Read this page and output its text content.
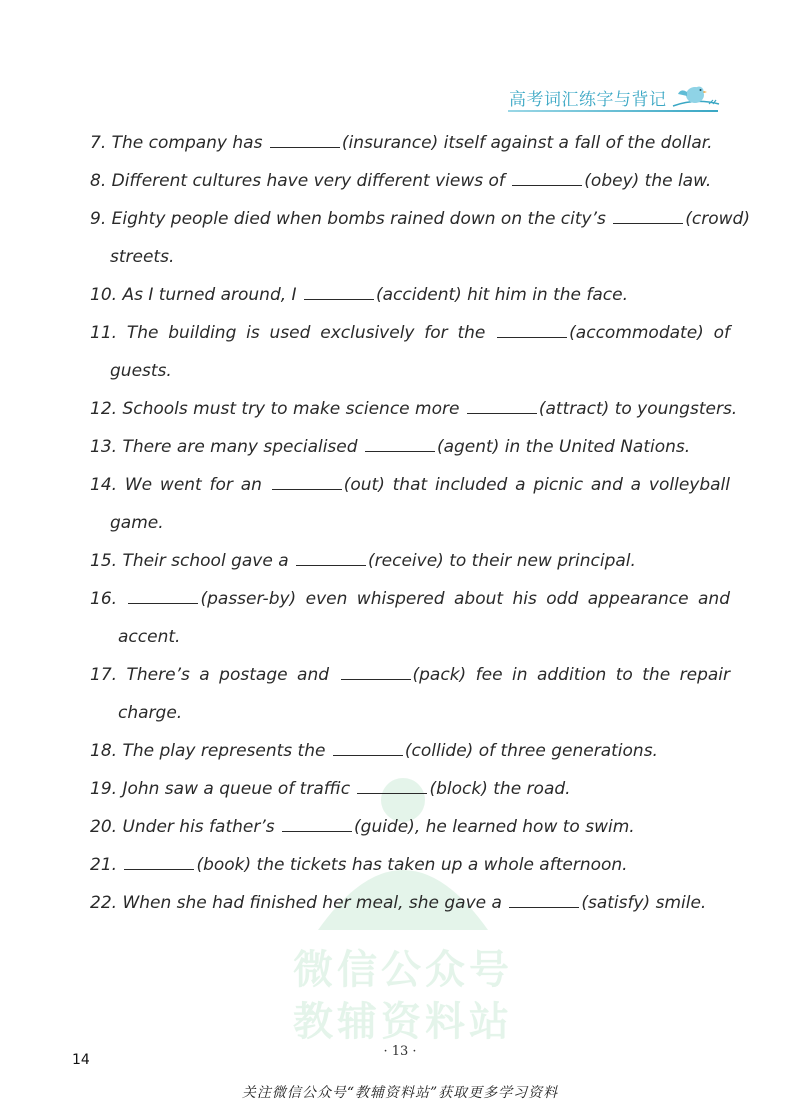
高考词汇练字与背记
微信公众号
教辅资料站
7. The company has	(insurance) itself against a fall of the dollar.
8. Different cultures have very different views of	(obey) the law.
9. Eighty people died when bombs rained down on the city’s	(crowd)
streets.
10. As I turned around, I	(accident) hit him in the face.
11. The building is used exclusively for the	(accommodate) of
guests.
12. Schools must try to make science more	(attract) to youngsters.
13. There are many specialised	(agent) in the United Nations.
14. We went for an	(out) that included a picnic and a volleyball
game.
15. Their school gave a	(receive) to their new principal.
16.	(passer-by) even whispered about his odd appearance and
accent.
17. There’s a postage and	(pack) fee in addition to the repair
charge.
18. The play represents the	(collide) of three generations.
19. John saw a queue of traffic	(block) the road.
20. Under his father’s	(guide), he learned how to swim.
21.	(book) the tickets has taken up a whole afternoon.
22. When she had finished her meal, she gave a	(satisfy) smile.
· 13 ·
14
关注微信公众号“教辅资料站”获取更多学习资料
